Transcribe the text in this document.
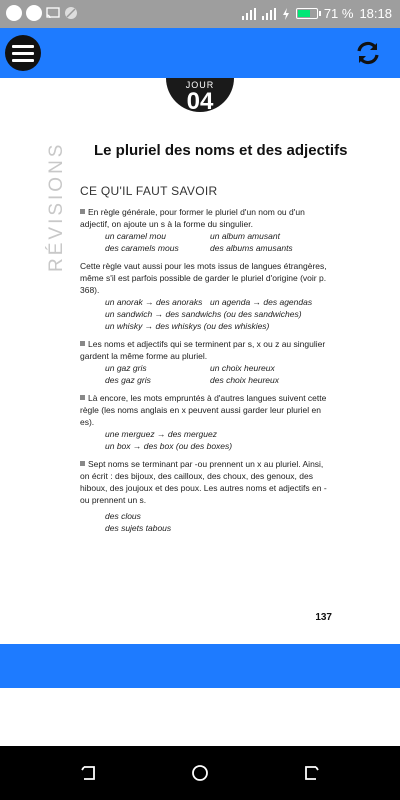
71 % 18:18
JOUR
04
RÉVISIONS Le pluriel des noms et des adjectifs
CE QU'IL FAUT SAVOIR
En règle générale, pour former le pluriel d'un nom ou d'un adjectif, on ajoute un s à la forme du singulier.
un caramel mou	un album amusant
des caramels mous	des albums amusants
Cette règle vaut aussi pour les mots issus de langues étrangères, même s'il est parfois possible de garder le pluriel d'origine (voir p. 368).
un anorak → des anoraks un agenda → des agendas
un sandwich → des sandwichs (ou des sandwiches)
un whisky → des whiskys (ou des whiskies)
Les noms et adjectifs qui se terminent par s, x ou z au singulier gardent la même forme au pluriel.
un gaz gris	un choix heureux
des gaz gris	des choix heureux
Là encore, les mots empruntés à d'autres langues suivent cette règle (les noms anglais en x peuvent aussi garder leur pluriel en es).
une merguez → des merguez
un box → des box (ou des boxes)
Sept noms se terminant par -ou prennent un x au pluriel. Ainsi, on écrit : des bijoux, des cailloux, des choux, des genoux, des hiboux, des joujoux et des poux. Les autres noms et adjectifs en -ou prennent un s.
des clous
des sujets tabous
137
